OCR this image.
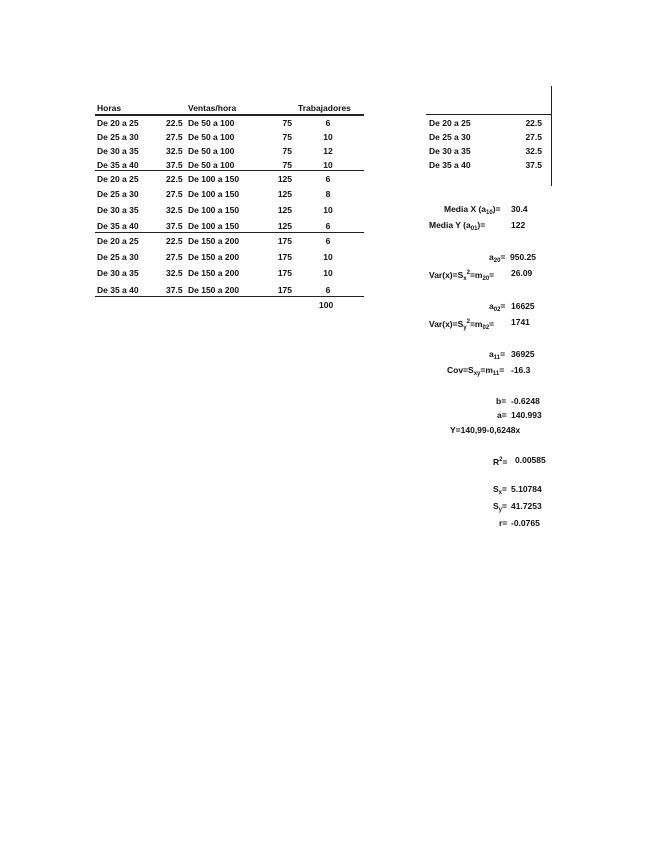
Horas	Ventas/hora	Trabajadores
De 20 a 25	22.5 De 50 a 100	75	6
De 25 a 30	27.5 De 50 a 100	75	10
De 30 a 35	32.5 De 50 a 100	75	12
De 35 a 40	37.5 De 50 a 100	75	10
De 20 a 25	22.5 De 100 a 150	125	6
De 25 a 30	27.5 De 100 a 150	125	8
De 30 a 35	32.5 De 100 a 150	125	10
De 35 a 40	37.5 De 100 a 150	125	6
De 20 a 25	22.5 De 150 a 200	175	6
De 25 a 30	27.5 De 150 a 200	175	10
De 30 a 35	32.5 De 150 a 200	175	10
De 35 a 40	37.5 De 150 a 200	175	6
100
De 20 a 25	22.5
De 25 a 30	27.5
De 30 a 35	32.5
De 35 a 40	37.5
Media X $(a_{10})= 30.4$
Media Y $(a_{01})=$	122
$a_{20}= 950.25$
$Var(x)=S_x^2=m_{20}= 26.09$
$a_{02}= 16625$
$Var(x)=S_y^2=m_{02}= 1741$
$a_{11}= 36925$
$Cov=S_{xy}=m_{11}= -16.3$
b= -0.6248
a= 140.993
Y=140,99-0,6248x
$R^2= 0.00585$
$S_x= 5.10784$
$S_y= 41.7253$
r= -0.0765
